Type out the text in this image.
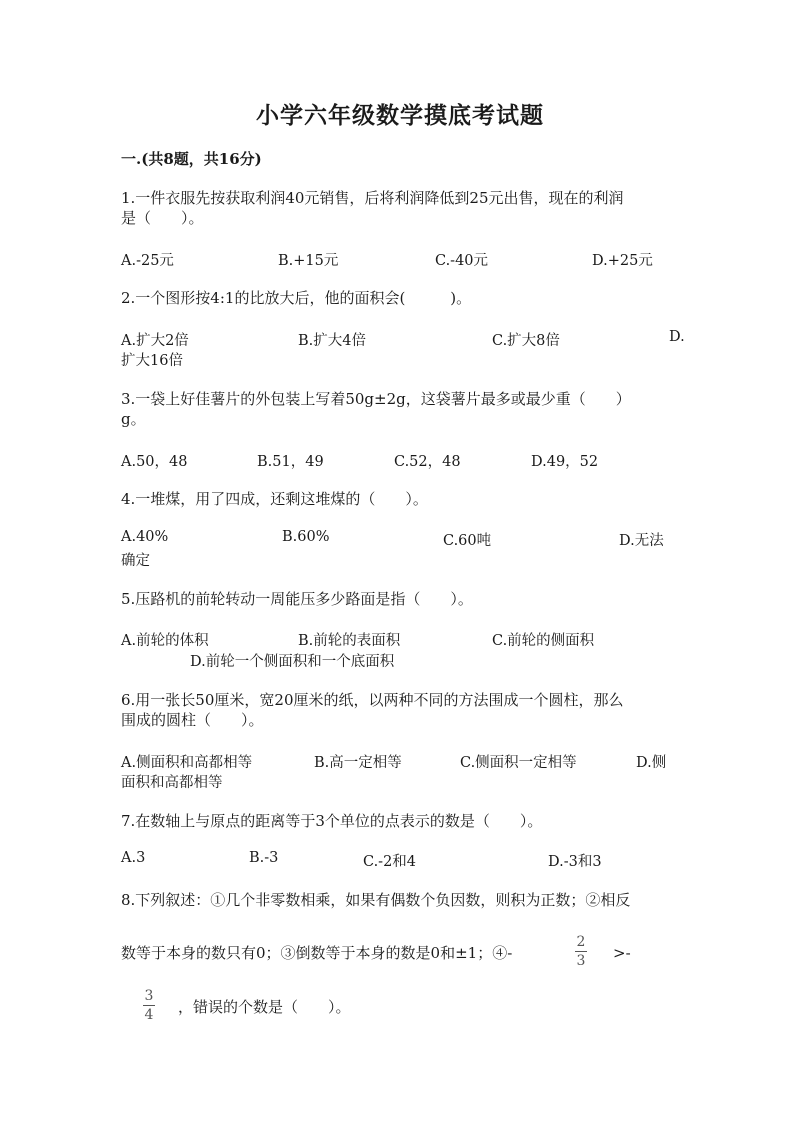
小学六年级数学摸底考试题
一.(共8题，共16分)
1.一件衣服先按获取利润40元销售，后将利润降低到25元出售，现在的利润
是（　　）。
A.-25元	B.+15元	C.-40元	D.+25元
2.一个图形按4:1的比放大后，他的面积会(　　　)。
A.扩大2倍	B.扩大4倍	C.扩大8倍	D.
扩大16倍
3.一袋上好佳薯片的外包装上写着50g±2g，这袋薯片最多或最少重（　　）
g。
A.50，48	B.51，49	C.52，48	D.49，52
4.一堆煤，用了四成，还剩这堆煤的（　　）。
A.40%	B.60%	C.60吨	D.无法
确定
5.压路机的前轮转动一周能压多少路面是指（　　）。
A.前轮的体积	B.前轮的表面积	C.前轮的侧面积
D.前轮一个侧面积和一个底面积
6.用一张长50厘米，宽20厘米的纸，以两种不同的方法围成一个圆柱，那么
围成的圆柱（　　）。
A.侧面积和高都相等	B.高一定相等	C.侧面积一定相等	D.侧
面积和高都相等
7.在数轴上与原点的距离等于3个单位的点表示的数是（　　）。
A.3	B.-3	C.-2和4	D.-3和3
8.下列叙述：①几个非零数相乘，如果有偶数个负因数，则积为正数；②相反
数等于本身的数只有0；③倒数等于本身的数是0和±1；④-
2
3 >-
3
4 ，错误的个数是（　　）。
